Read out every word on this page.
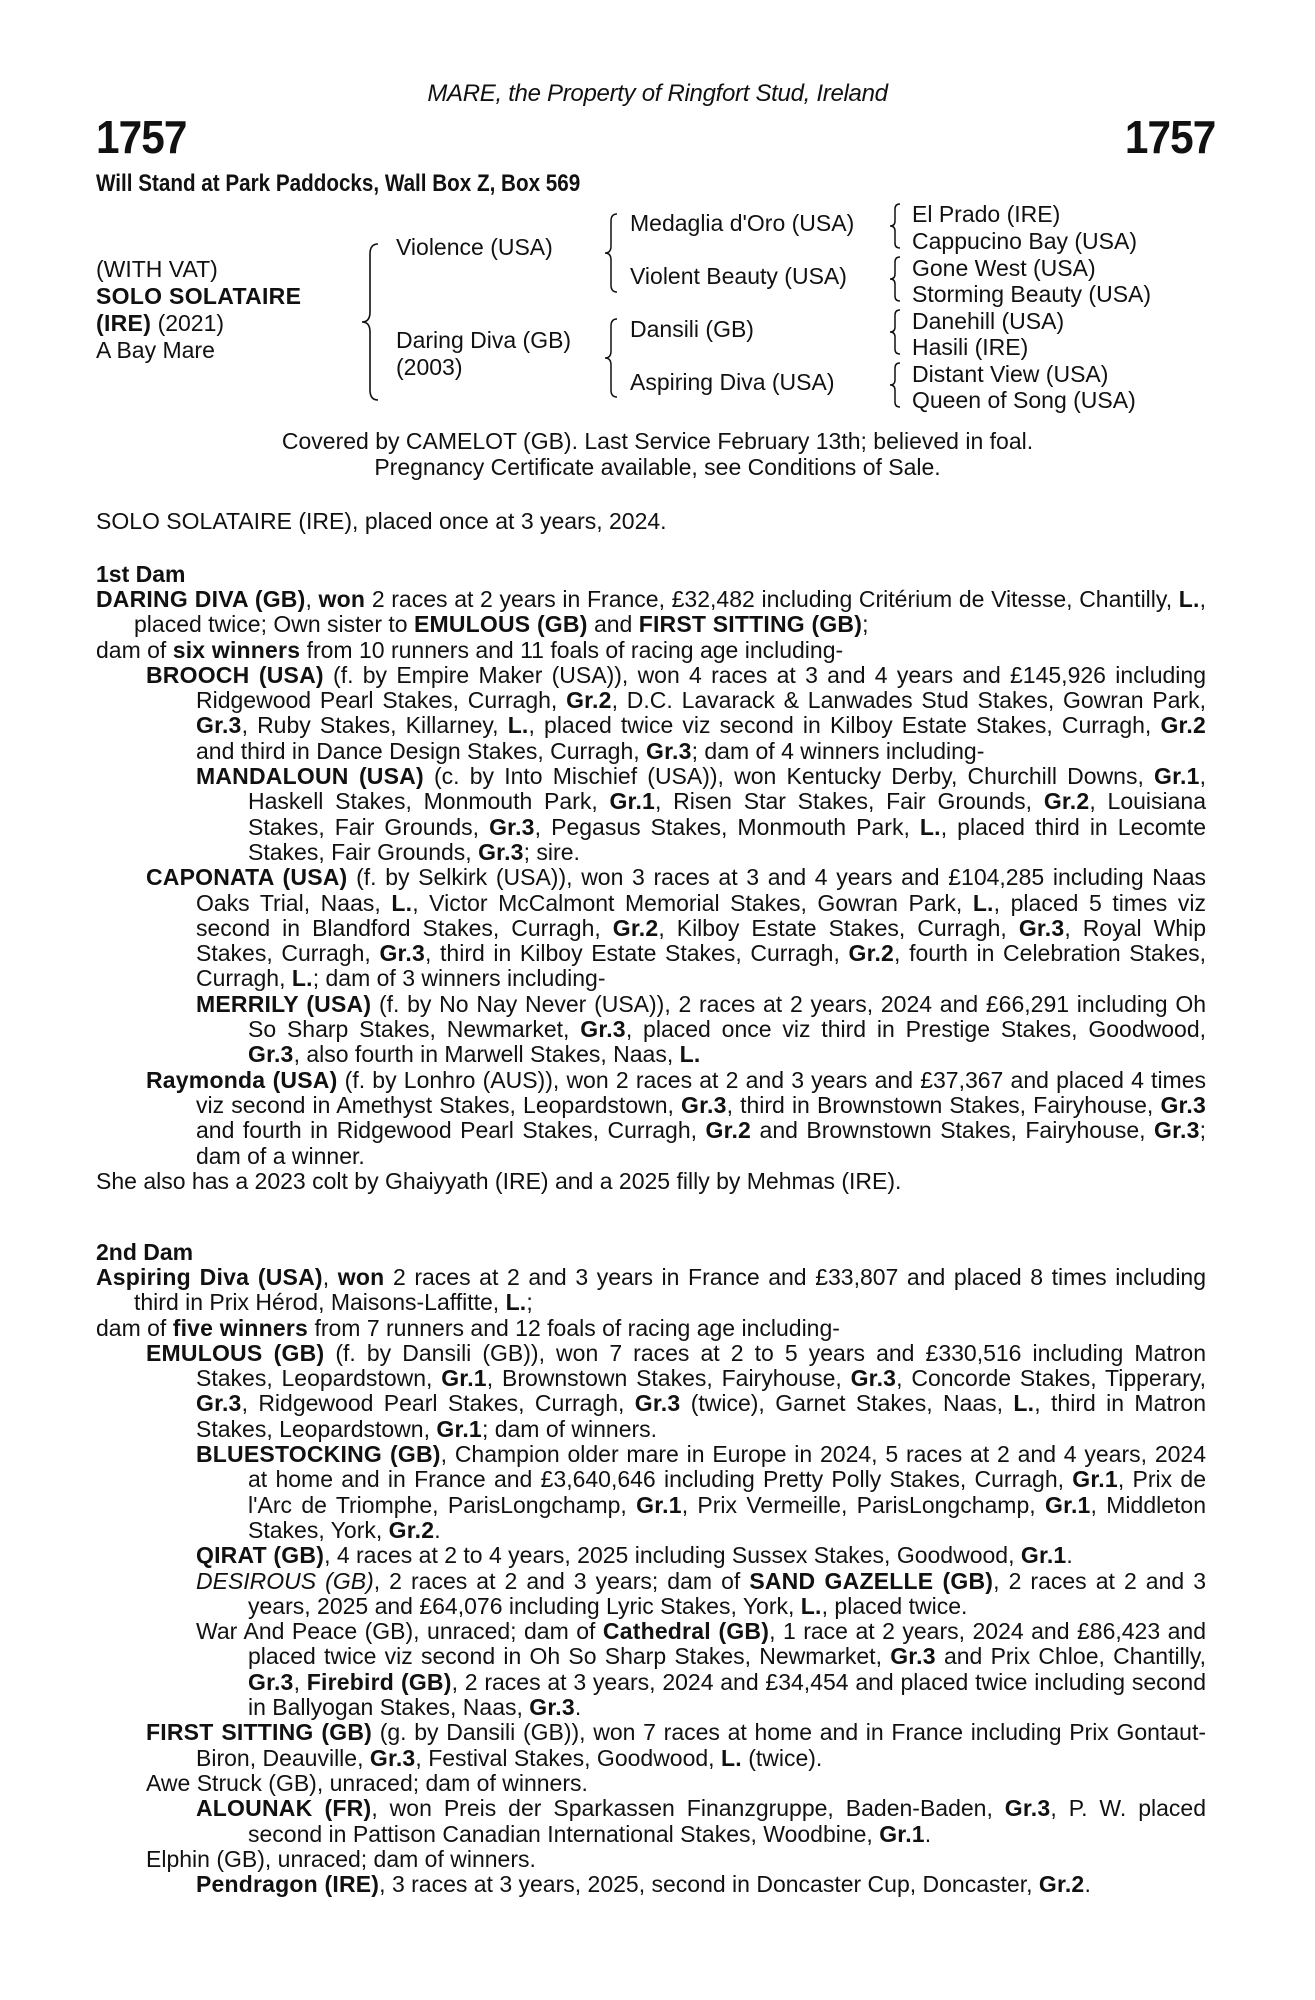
MARE, the Property of Ringfort Stud, Ireland
1757	1757
Will Stand at Park Paddocks, Wall Box Z, Box 569
(WITH VAT)
SOLO SOLATAIRE
(IRE) (2021)
A Bay Mare
Violence (USA)
Daring Diva (GB)
(2003)
Medaglia d'Oro (USA)
Violent Beauty (USA)
Dansili (GB)
Aspiring Diva (USA)
El Prado (IRE)
Cappucino Bay (USA)
Gone West (USA)
Storming Beauty (USA)
Danehill (USA)
Hasili (IRE)
Distant View (USA)
Queen of Song (USA)
Covered by CAMELOT (GB). Last Service February 13th; believed in foal.
Pregnancy Certificate available, see Conditions of Sale.
SOLO SOLATAIRE (IRE), placed once at 3 years, 2024.
1st Dam
DARING DIVA (GB), won 2 races at 2 years in France, £32,482 including Critérium de Vitesse, Chantilly, L., placed twice; Own sister to EMULOUS (GB) and FIRST SITTING (GB);
dam of six winners from 10 runners and 11 foals of racing age including-
BROOCH (USA) (f. by Empire Maker (USA)), won 4 races at 3 and 4 years and £145,926 including Ridgewood Pearl Stakes, Curragh, Gr.2, D.C. Lavarack & Lanwades Stud Stakes, Gowran Park, Gr.3, Ruby Stakes, Killarney, L., placed twice viz second in Kilboy Estate Stakes, Curragh, Gr.2 and third in Dance Design Stakes, Curragh, Gr.3; dam of 4 winners including-
MANDALOUN (USA) (c. by Into Mischief (USA)), won Kentucky Derby, Churchill Downs, Gr.1, Haskell Stakes, Monmouth Park, Gr.1, Risen Star Stakes, Fair Grounds, Gr.2, Louisiana Stakes, Fair Grounds, Gr.3, Pegasus Stakes, Monmouth Park, L., placed third in Lecomte Stakes, Fair Grounds, Gr.3; sire.
CAPONATA (USA) (f. by Selkirk (USA)), won 3 races at 3 and 4 years and £104,285 including Naas Oaks Trial, Naas, L., Victor McCalmont Memorial Stakes, Gowran Park, L., placed 5 times viz second in Blandford Stakes, Curragh, Gr.2, Kilboy Estate Stakes, Curragh, Gr.3, Royal Whip Stakes, Curragh, Gr.3, third in Kilboy Estate Stakes, Curragh, Gr.2, fourth in Celebration Stakes, Curragh, L.; dam of 3 winners including-
MERRILY (USA) (f. by No Nay Never (USA)), 2 races at 2 years, 2024 and £66,291 including Oh So Sharp Stakes, Newmarket, Gr.3, placed once viz third in Prestige Stakes, Goodwood, Gr.3, also fourth in Marwell Stakes, Naas, L.
Raymonda (USA) (f. by Lonhro (AUS)), won 2 races at 2 and 3 years and £37,367 and placed 4 times viz second in Amethyst Stakes, Leopardstown, Gr.3, third in Brownstown Stakes, Fairyhouse, Gr.3 and fourth in Ridgewood Pearl Stakes, Curragh, Gr.2 and Brownstown Stakes, Fairyhouse, Gr.3; dam of a winner.
She also has a 2023 colt by Ghaiyyath (IRE) and a 2025 filly by Mehmas (IRE).
2nd Dam
Aspiring Diva (USA), won 2 races at 2 and 3 years in France and £33,807 and placed 8 times including third in Prix Hérod, Maisons-Laffitte, L.;
dam of five winners from 7 runners and 12 foals of racing age including-
EMULOUS (GB) (f. by Dansili (GB)), won 7 races at 2 to 5 years and £330,516 including Matron Stakes, Leopardstown, Gr.1, Brownstown Stakes, Fairyhouse, Gr.3, Concorde Stakes, Tipperary, Gr.3, Ridgewood Pearl Stakes, Curragh, Gr.3 (twice), Garnet Stakes, Naas, L., third in Matron Stakes, Leopardstown, Gr.1; dam of winners.
BLUESTOCKING (GB), Champion older mare in Europe in 2024, 5 races at 2 and 4 years, 2024 at home and in France and £3,640,646 including Pretty Polly Stakes, Curragh, Gr.1, Prix de l'Arc de Triomphe, ParisLongchamp, Gr.1, Prix Vermeille, ParisLongchamp, Gr.1, Middleton Stakes, York, Gr.2.
QIRAT (GB), 4 races at 2 to 4 years, 2025 including Sussex Stakes, Goodwood, Gr.1.
DESIROUS (GB), 2 races at 2 and 3 years; dam of SAND GAZELLE (GB), 2 races at 2 and 3 years, 2025 and £64,076 including Lyric Stakes, York, L., placed twice.
War And Peace (GB), unraced; dam of Cathedral (GB), 1 race at 2 years, 2024 and £86,423 and placed twice viz second in Oh So Sharp Stakes, Newmarket, Gr.3 and Prix Chloe, Chantilly, Gr.3, Firebird (GB), 2 races at 3 years, 2024 and £34,454 and placed twice including second in Ballyogan Stakes, Naas, Gr.3.
FIRST SITTING (GB) (g. by Dansili (GB)), won 7 races at home and in France including Prix Gontaut-Biron, Deauville, Gr.3, Festival Stakes, Goodwood, L. (twice).
Awe Struck (GB), unraced; dam of winners.
ALOUNAK (FR), won Preis der Sparkassen Finanzgruppe, Baden-Baden, Gr.3, P. W. placed second in Pattison Canadian International Stakes, Woodbine, Gr.1.
Elphin (GB), unraced; dam of winners.
Pendragon (IRE), 3 races at 3 years, 2025, second in Doncaster Cup, Doncaster, Gr.2.
